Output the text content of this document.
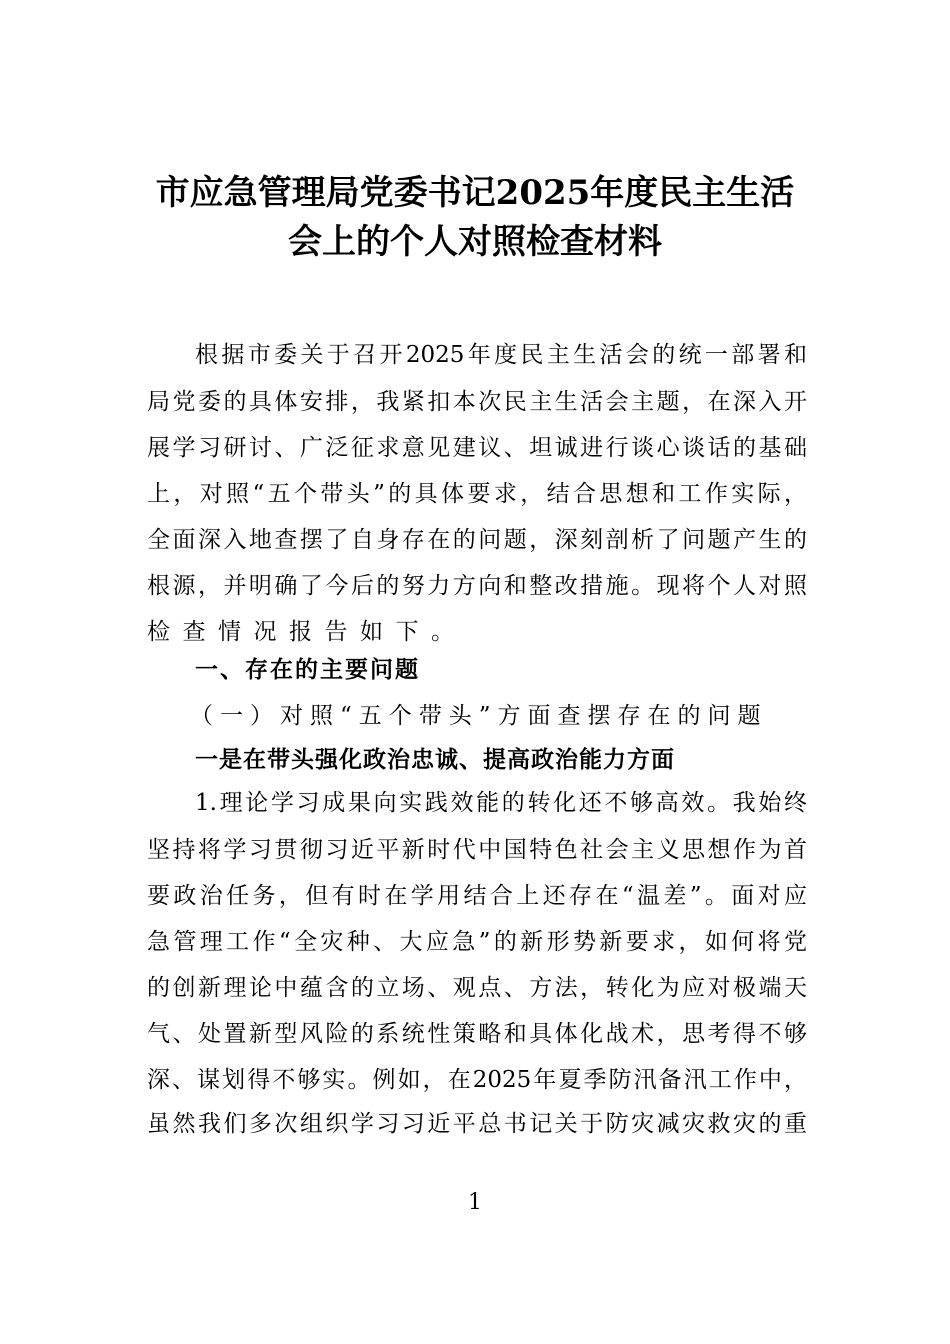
市应急管理局党委书记2025年度民主生活
会上的个人对照检查材料
根据市委关于召开2025年度民主生活会的统一部署和
局党委的具体安排，我紧扣本次民主生活会主题，在深入开
展学习研讨、广泛征求意见建议、坦诚进行谈心谈话的基础
上，对照“五个带头”的具体要求，结合思想和工作实际，
全面深入地查摆了自身存在的问题，深刻剖析了问题产生的
根源，并明确了今后的努力方向和整改措施。现将个人对照
检查情况报告如下。
一、存在的主要问题
（一）对照“五个带头”方面查摆存在的问题
一是在带头强化政治忠诚、提高政治能力方面
1.理论学习成果向实践效能的转化还不够高效。我始终
坚持将学习贯彻习近平新时代中国特色社会主义思想作为首
要政治任务，但有时在学用结合上还存在“温差”。面对应
急管理工作“全灾种、大应急”的新形势新要求，如何将党
的创新理论中蕴含的立场、观点、方法，转化为应对极端天
气、处置新型风险的系统性策略和具体化战术，思考得不够
深、谋划得不够实。例如，在2025年夏季防汛备汛工作中，
虽然我们多次组织学习习近平总书记关于防灾减灾救灾的重
1
